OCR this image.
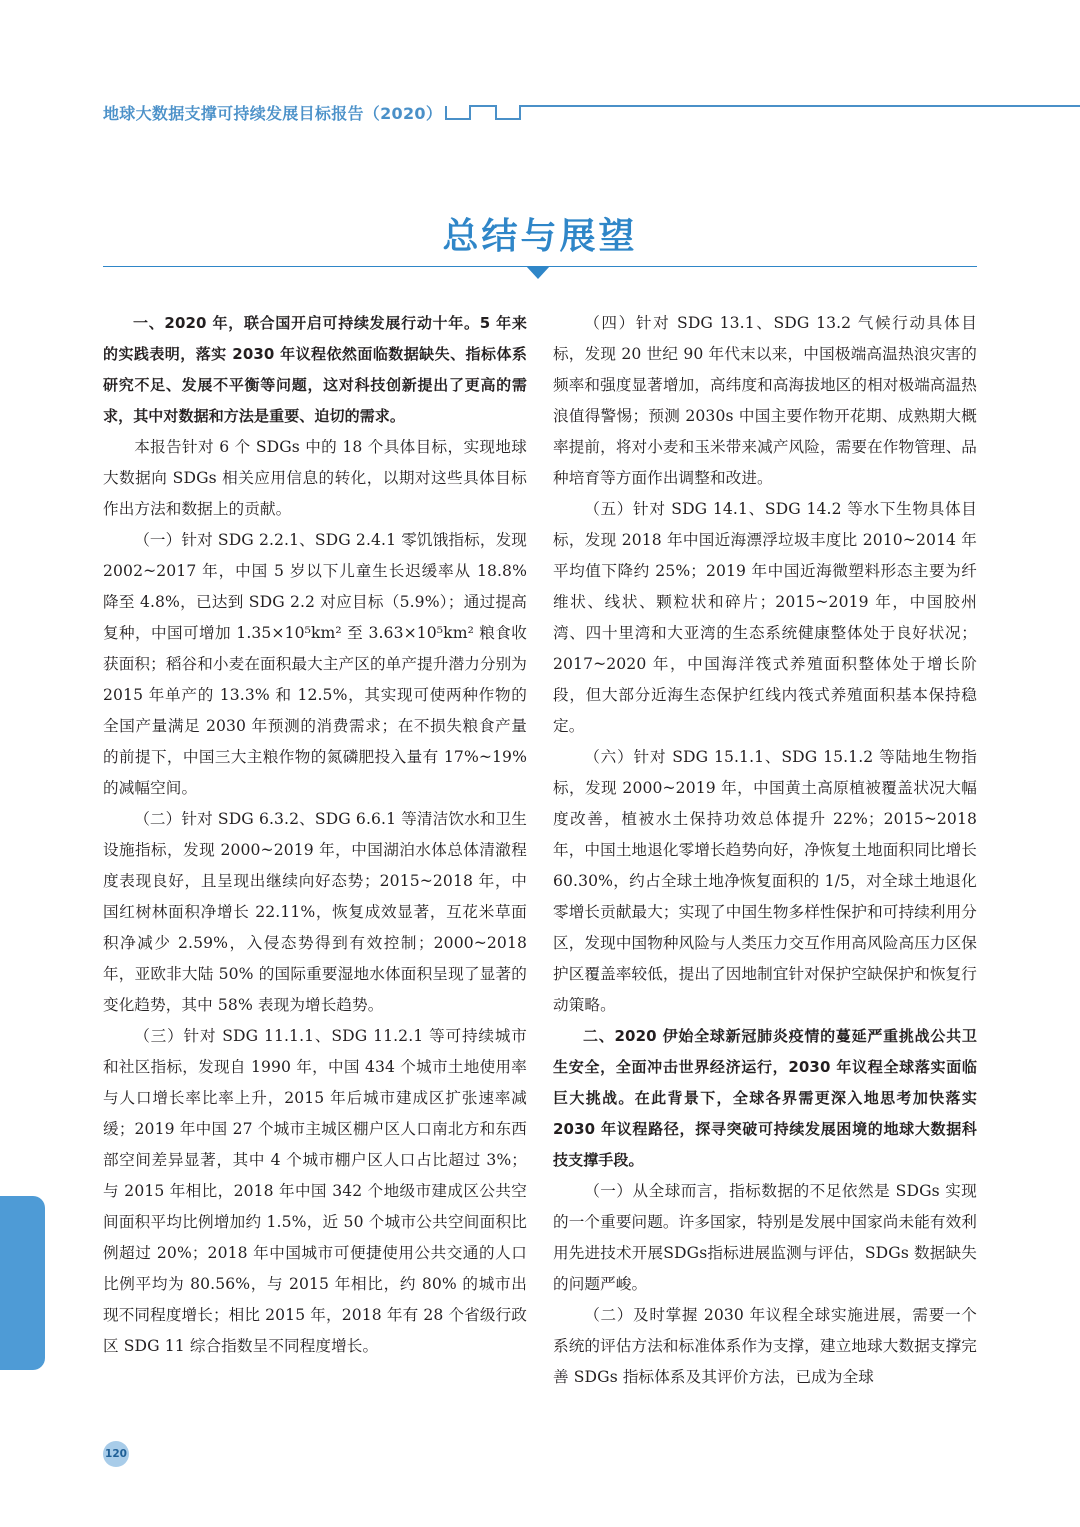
地球大数据支撑可持续发展目标报告（2020）
总结与展望

一、2020 年，联合国开启可持续发展行动十年。5 年来的实践表明，落实 2030 年议程依然面临数据缺失、指标体系研究不足、发展不平衡等问题，这对科技创新提出了更高的需求，其中对数据和方法是重要、迫切的需求。

本报告针对 6 个 SDGs 中的 18 个具体目标，实现地球大数据向 SDGs 相关应用信息的转化，以期对这些具体目标作出方法和数据上的贡献。

（一）针对 SDG 2.2.1、SDG 2.4.1 零饥饿指标，发现 2002~2017 年，中国 5 岁以下儿童生长迟缓率从 18.8% 降至 4.8%，已达到 SDG 2.2 对应目标（5.9%）；通过提高复种，中国可增加 1.35×10⁵km² 至 3.63×10⁵km² 粮食收获面积；稻谷和小麦在面积最大主产区的单产提升潜力分别为 2015 年单产的 13.3% 和 12.5%，其实现可使两种作物的全国产量满足 2030 年预测的消费需求；在不损失粮食产量的前提下，中国三大主粮作物的氮磷肥投入量有 17%~19% 的减幅空间。

（二）针对 SDG 6.3.2、SDG 6.6.1 等清洁饮水和卫生设施指标，发现 2000~2019 年，中国湖泊水体总体清澈程度表现良好，且呈现出继续向好态势；2015~2018 年，中国红树林面积净增长 22.11%，恢复成效显著，互花米草面积净减少 2.59%，入侵态势得到有效控制；2000~2018 年，亚欧非大陆 50% 的国际重要湿地水体面积呈现了显著的变化趋势，其中 58% 表现为增长趋势。

（三）针对 SDG 11.1.1、SDG 11.2.1 等可持续城市和社区指标，发现自 1990 年，中国 434 个城市土地使用率与人口增长率比率上升，2015 年后城市建成区扩张速率减缓；2019 年中国 27 个城市主城区棚户区人口南北方和东西部空间差异显著，其中 4 个城市棚户区人口占比超过 3%；与 2015 年相比，2018 年中国 342 个地级市建成区公共空间面积平均比例增加约 1.5%，近 50 个城市公共空间面积比例超过 20%；2018 年中国城市可便捷使用公共交通的人口比例平均为 80.56%，与 2015 年相比，约 80% 的城市出现不同程度增长；相比 2015 年，2018 年有 28 个省级行政区 SDG 11 综合指数呈不同程度增长。

（四）针对 SDG 13.1、SDG 13.2 气候行动具体目标，发现 20 世纪 90 年代末以来，中国极端高温热浪灾害的频率和强度显著增加，高纬度和高海拔地区的相对极端高温热浪值得警惕；预测 2030s 中国主要作物开花期、成熟期大概率提前，将对小麦和玉米带来减产风险，需要在作物管理、品种培育等方面作出调整和改进。

（五）针对 SDG 14.1、SDG 14.2 等水下生物具体目标，发现 2018 年中国近海漂浮垃圾丰度比 2010~2014 年平均值下降约 25%；2019 年中国近海微塑料形态主要为纤维状、线状、颗粒状和碎片；2015~2019 年，中国胶州湾、四十里湾和大亚湾的生态系统健康整体处于良好状况；2017~2020 年，中国海洋筏式养殖面积整体处于增长阶段，但大部分近海生态保护红线内筏式养殖面积基本保持稳定。

（六）针对 SDG 15.1.1、SDG 15.1.2 等陆地生物指标，发现 2000~2019 年，中国黄土高原植被覆盖状况大幅度改善，植被水土保持功效总体提升 22%；2015~2018 年，中国土地退化零增长趋势向好，净恢复土地面积同比增长 60.30%，约占全球土地净恢复面积的 1/5，对全球土地退化零增长贡献最大；实现了中国生物多样性保护和可持续利用分区，发现中国物种风险与人类压力交互作用高风险高压力区保护区覆盖率较低，提出了因地制宜针对保护空缺保护和恢复行动策略。

二、2020 伊始全球新冠肺炎疫情的蔓延严重挑战公共卫生安全，全面冲击世界经济运行，2030 年议程全球落实面临巨大挑战。在此背景下，全球各界需更深入地思考加快落实 2030 年议程路径，探寻突破可持续发展困境的地球大数据科技支撑手段。

（一）从全球而言，指标数据的不足依然是 SDGs 实现的一个重要问题。许多国家，特别是发展中国家尚未能有效利用先进技术开展SDGs指标进展监测与评估，SDGs 数据缺失的问题严峻。

（二）及时掌握 2030 年议程全球实施进展，需要一个系统的评估方法和标准体系作为支撑，建立地球大数据支撑完善 SDGs 指标体系及其评价方法，已成为全球

120
